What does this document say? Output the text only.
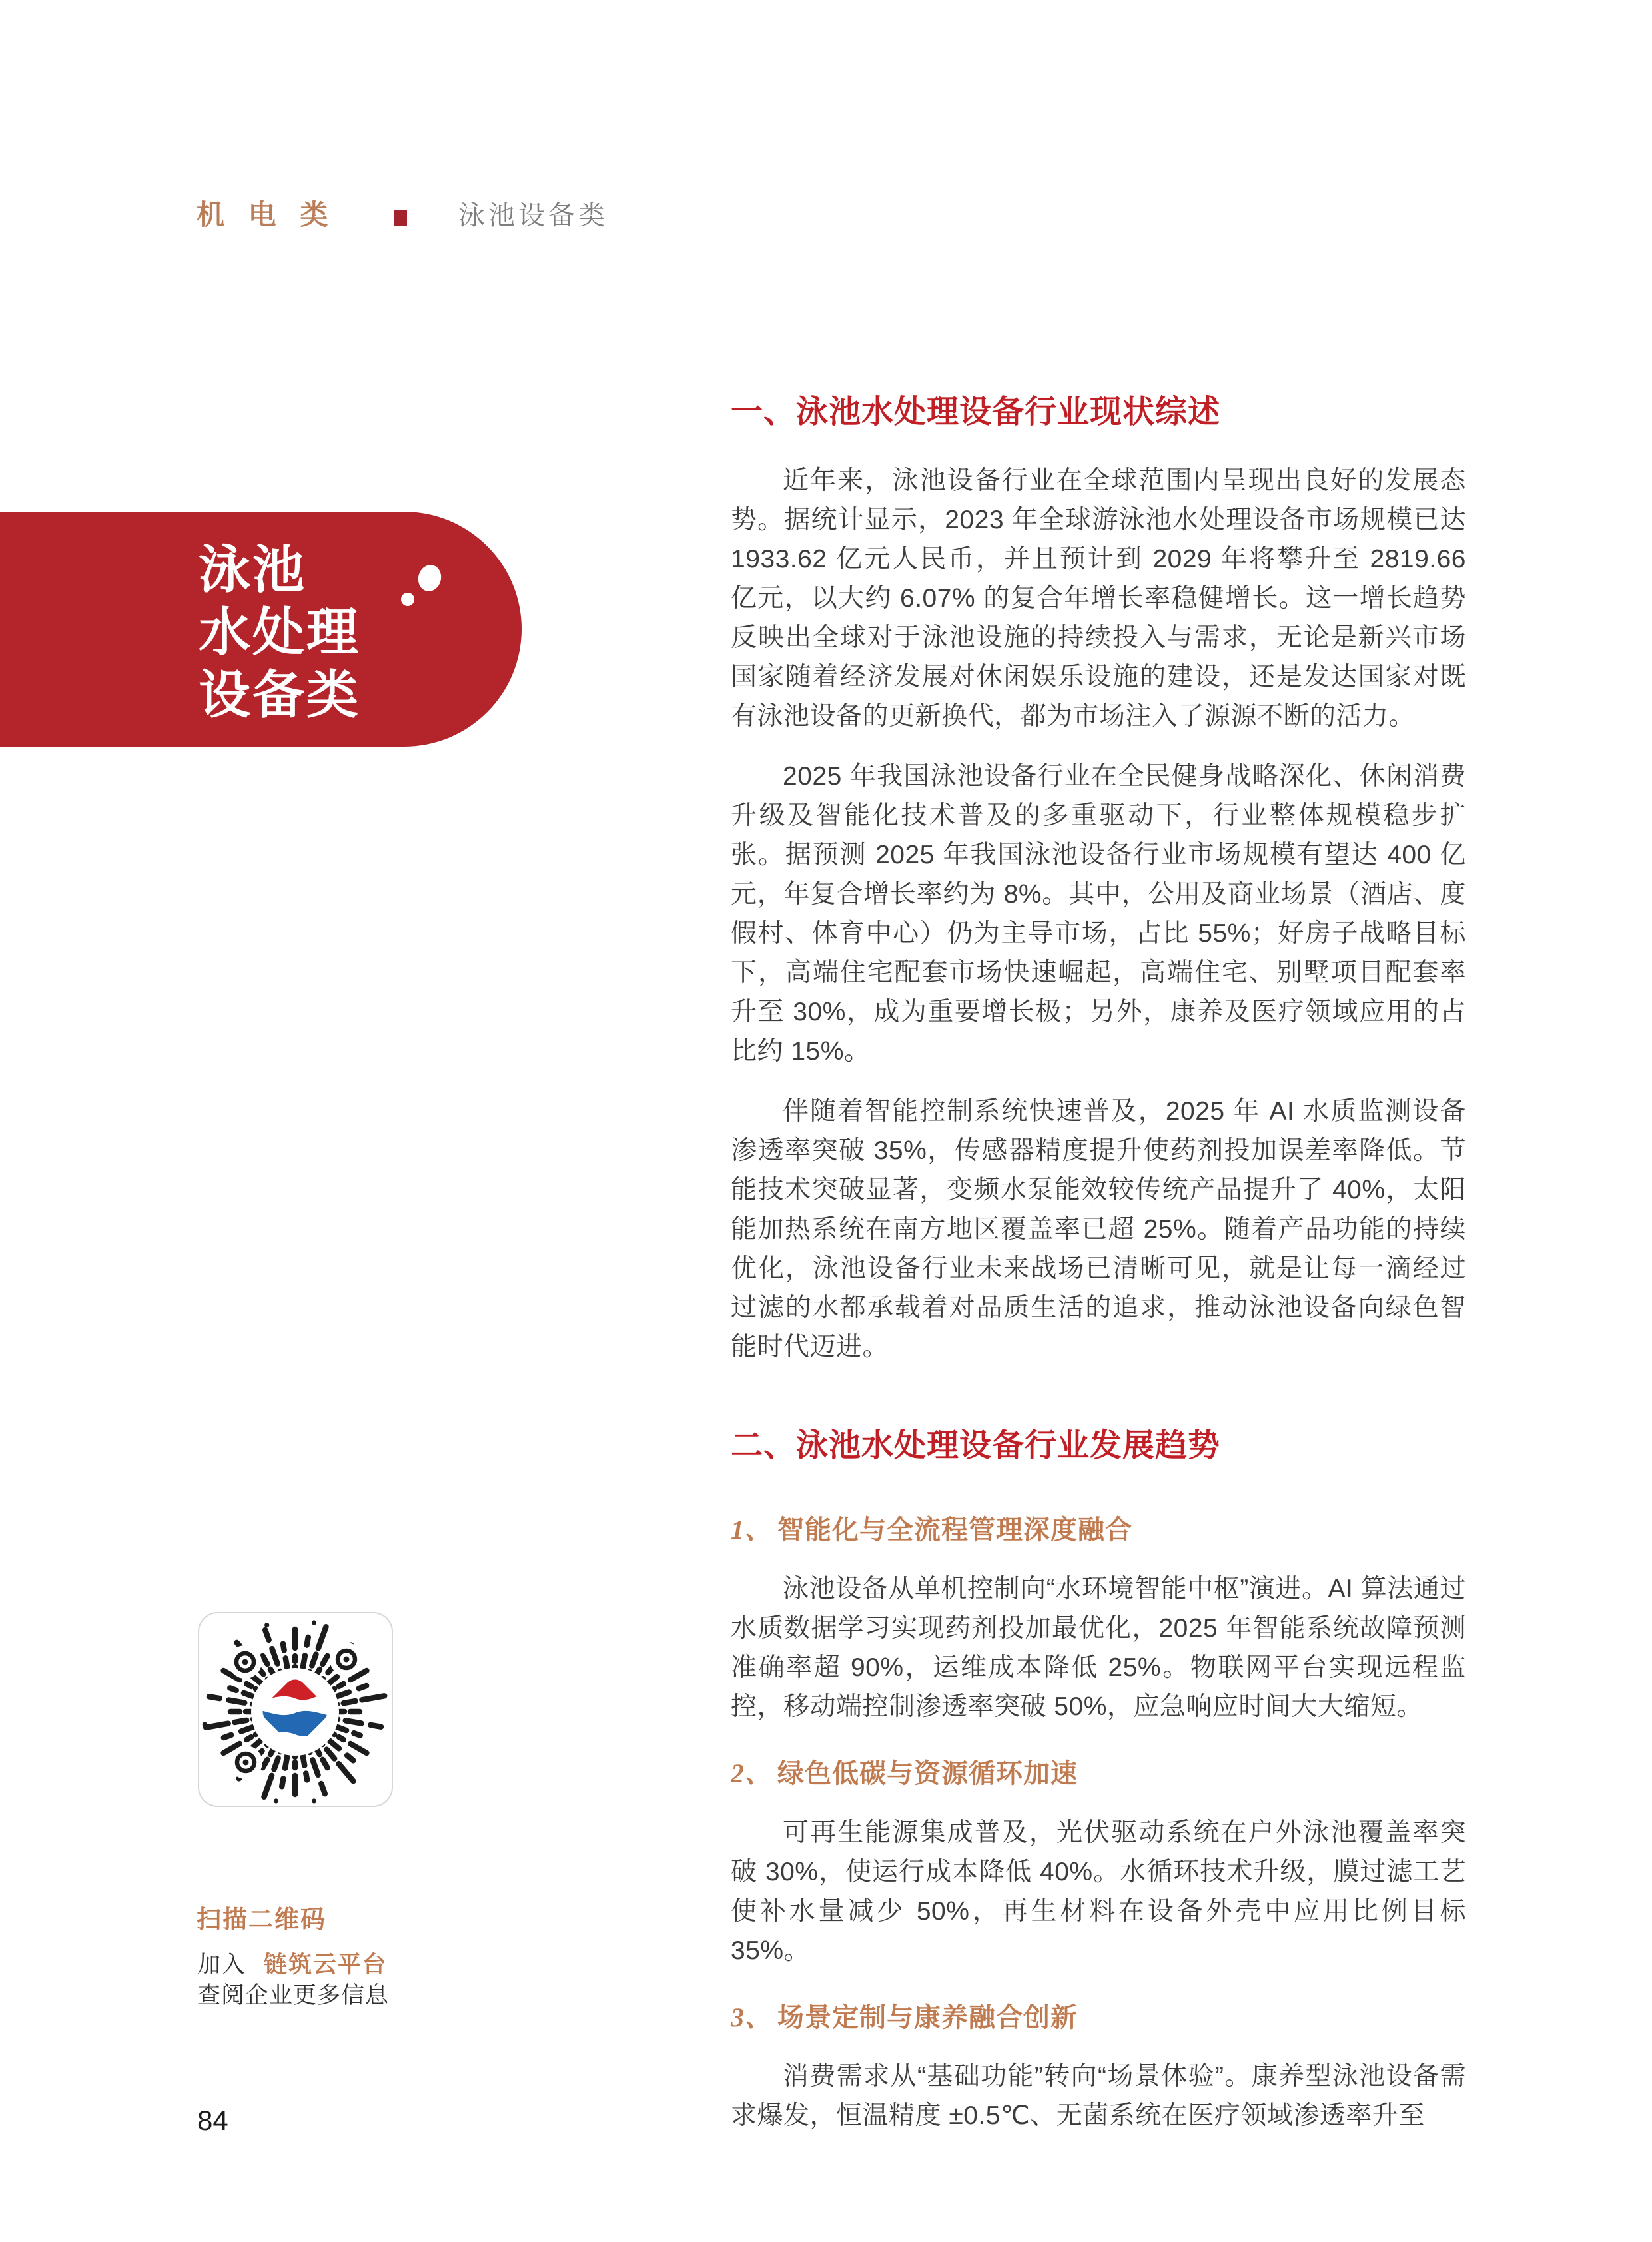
机 电 类	泳池设备类
泳池
水处理
设备类
一、泳池水处理设备行业现状综述

近年来，泳池设备行业在全球范围内呈现出良好的发展态势。据统计显示，2023 年全球游泳池水处理设备市场规模已达 1933.62 亿元人民币，并且预计到 2029 年将攀升至 2819.66 亿元，以大约 6.07% 的复合年增长率稳健增长。这一增长趋势反映出全球对于泳池设施的持续投入与需求，无论是新兴市场国家随着经济发展对休闲娱乐设施的建设，还是发达国家对既有泳池设备的更新换代，都为市场注入了源源不断的活力。

2025 年我国泳池设备行业在全民健身战略深化、休闲消费升级及智能化技术普及的多重驱动下，行业整体规模稳步扩张。据预测 2025 年我国泳池设备行业市场规模有望达 400 亿元，年复合增长率约为 8%。其中，公用及商业场景（酒店、度假村、体育中心）仍为主导市场，占比 55%；好房子战略目标下，高端住宅配套市场快速崛起，高端住宅、别墅项目配套率升至 30%，成为重要增长极；另外，康养及医疗领域应用的占比约 15%。

伴随着智能控制系统快速普及，2025 年 AI 水质监测设备渗透率突破 35%，传感器精度提升使药剂投加误差率降低。节能技术突破显著，变频水泵能效较传统产品提升了 40%，太阳能加热系统在南方地区覆盖率已超 25%。随着产品功能的持续优化，泳池设备行业未来战场已清晰可见，就是让每一滴经过过滤的水都承载着对品质生活的追求，推动泳池设备向绿色智能时代迈进。

二、泳池水处理设备行业发展趋势
1、 智能化与全流程管理深度融合

泳池设备从单机控制向“水环境智能中枢”演进。AI 算法通过水质数据学习实现药剂投加最优化，2025 年智能系统故障预测准确率超 90%，运维成本降低 25%。物联网平台实现远程监控，移动端控制渗透率突破 50%，应急响应时间大大缩短。

2、 绿色低碳与资源循环加速

可再生能源集成普及，光伏驱动系统在户外泳池覆盖率突破 30%，使运行成本降低 40%。水循环技术升级，膜过滤工艺使补水量减少 50%，再生材料在设备外壳中应用比例目标 35%。

3、 场景定制与康养融合创新

消费需求从“基础功能”转向“场景体验”。康养型泳池设备需求爆发，恒温精度 ±0.5℃、无菌系统在医疗领域渗透率升至

扫描二维码
加入 链筑云平台
查阅企业更多信息
84
